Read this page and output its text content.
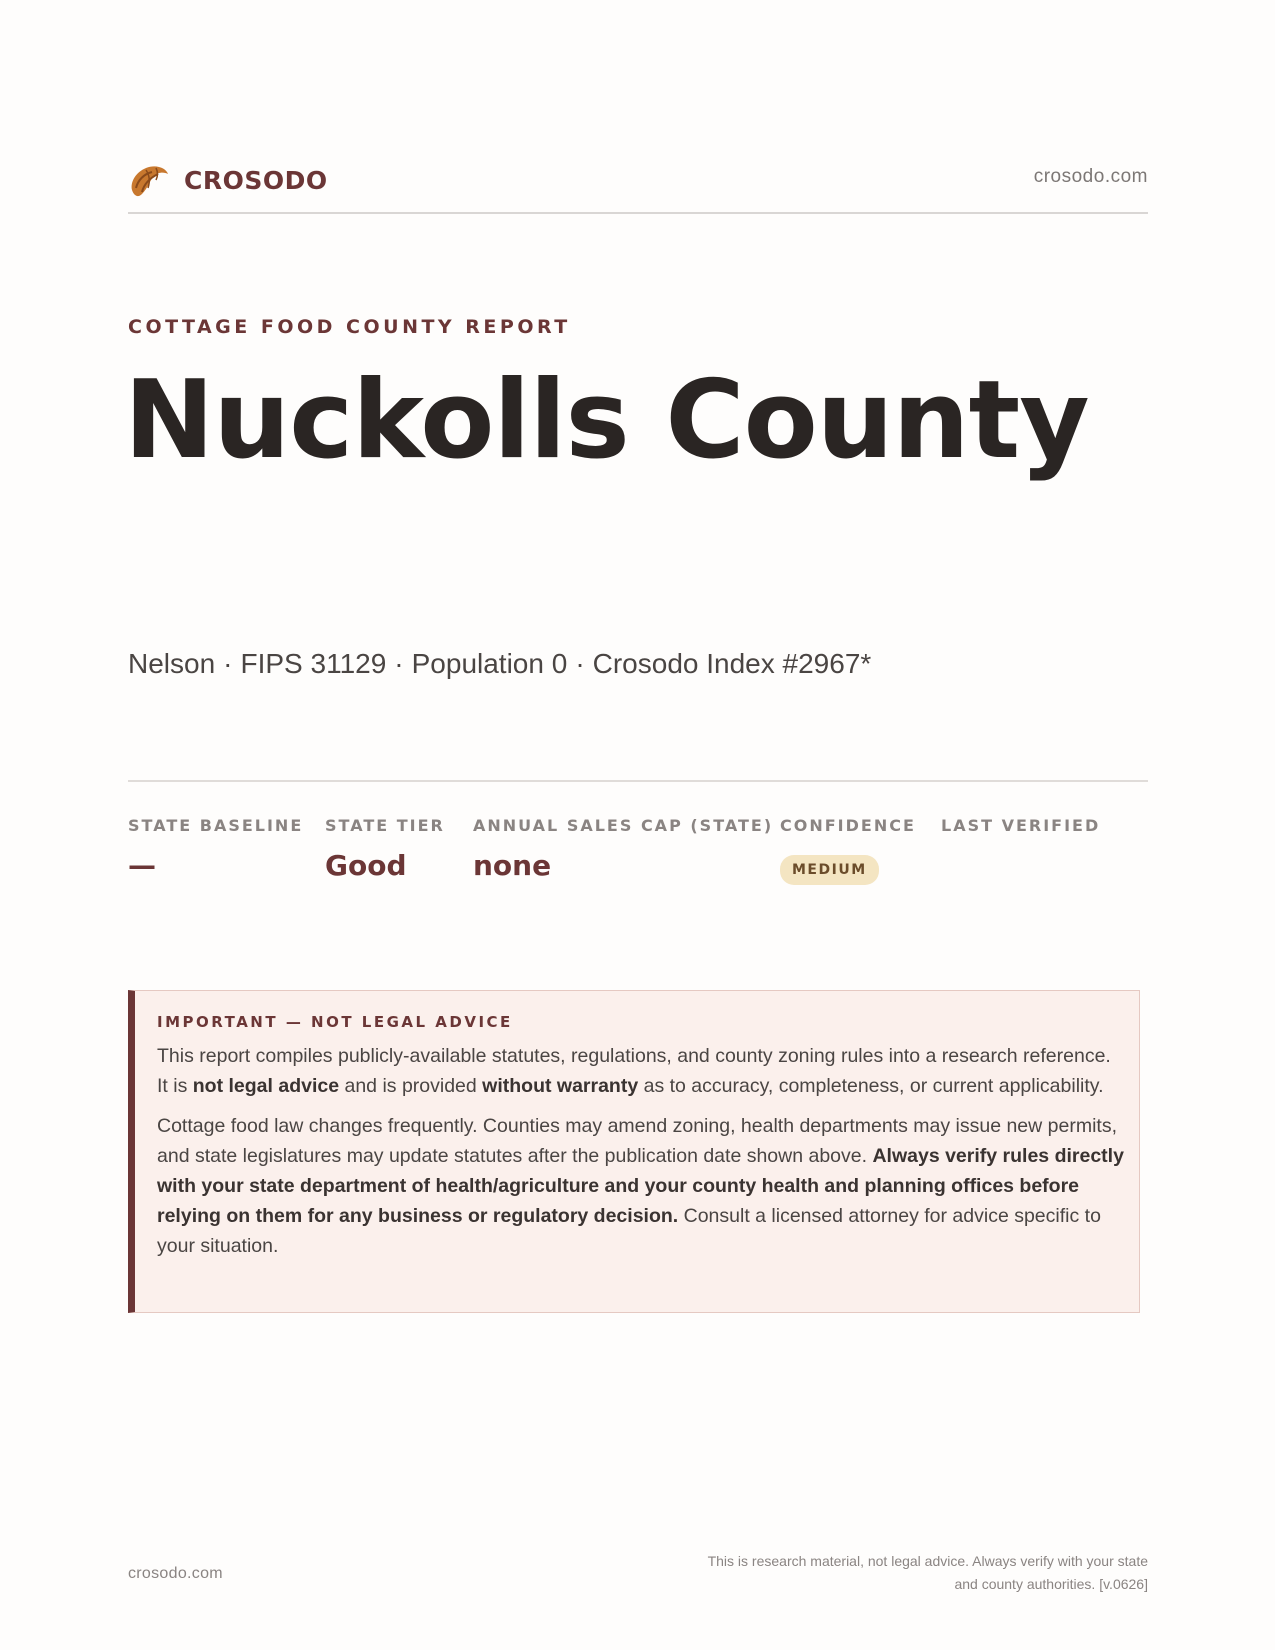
CROSODO	crosodo.com
COTTAGE FOOD COUNTY REPORT
Nuckolls County
Nelson · FIPS 31129 · Population 0 · Crosodo Index #2967*
STATE BASELINE
—
STATE TIER
Good
ANNUAL SALES CAP (STATE)
none
CONFIDENCE
MEDIUM
LAST VERIFIED
IMPORTANT — NOT LEGAL ADVICE

This report compiles publicly-available statutes, regulations, and county zoning rules into a research reference. It is not legal advice and is provided without warranty as to accuracy, completeness, or current applicability.

Cottage food law changes frequently. Counties may amend zoning, health departments may issue new permits, and state legislatures may update statutes after the publication date shown above. Always verify rules directly with your state department of health/agriculture and your county health and planning offices before relying on them for any business or regulatory decision. Consult a licensed attorney for advice specific to your situation.

crosodo.com
This is research material, not legal advice. Always verify with your state
and county authorities. [v.0626]
